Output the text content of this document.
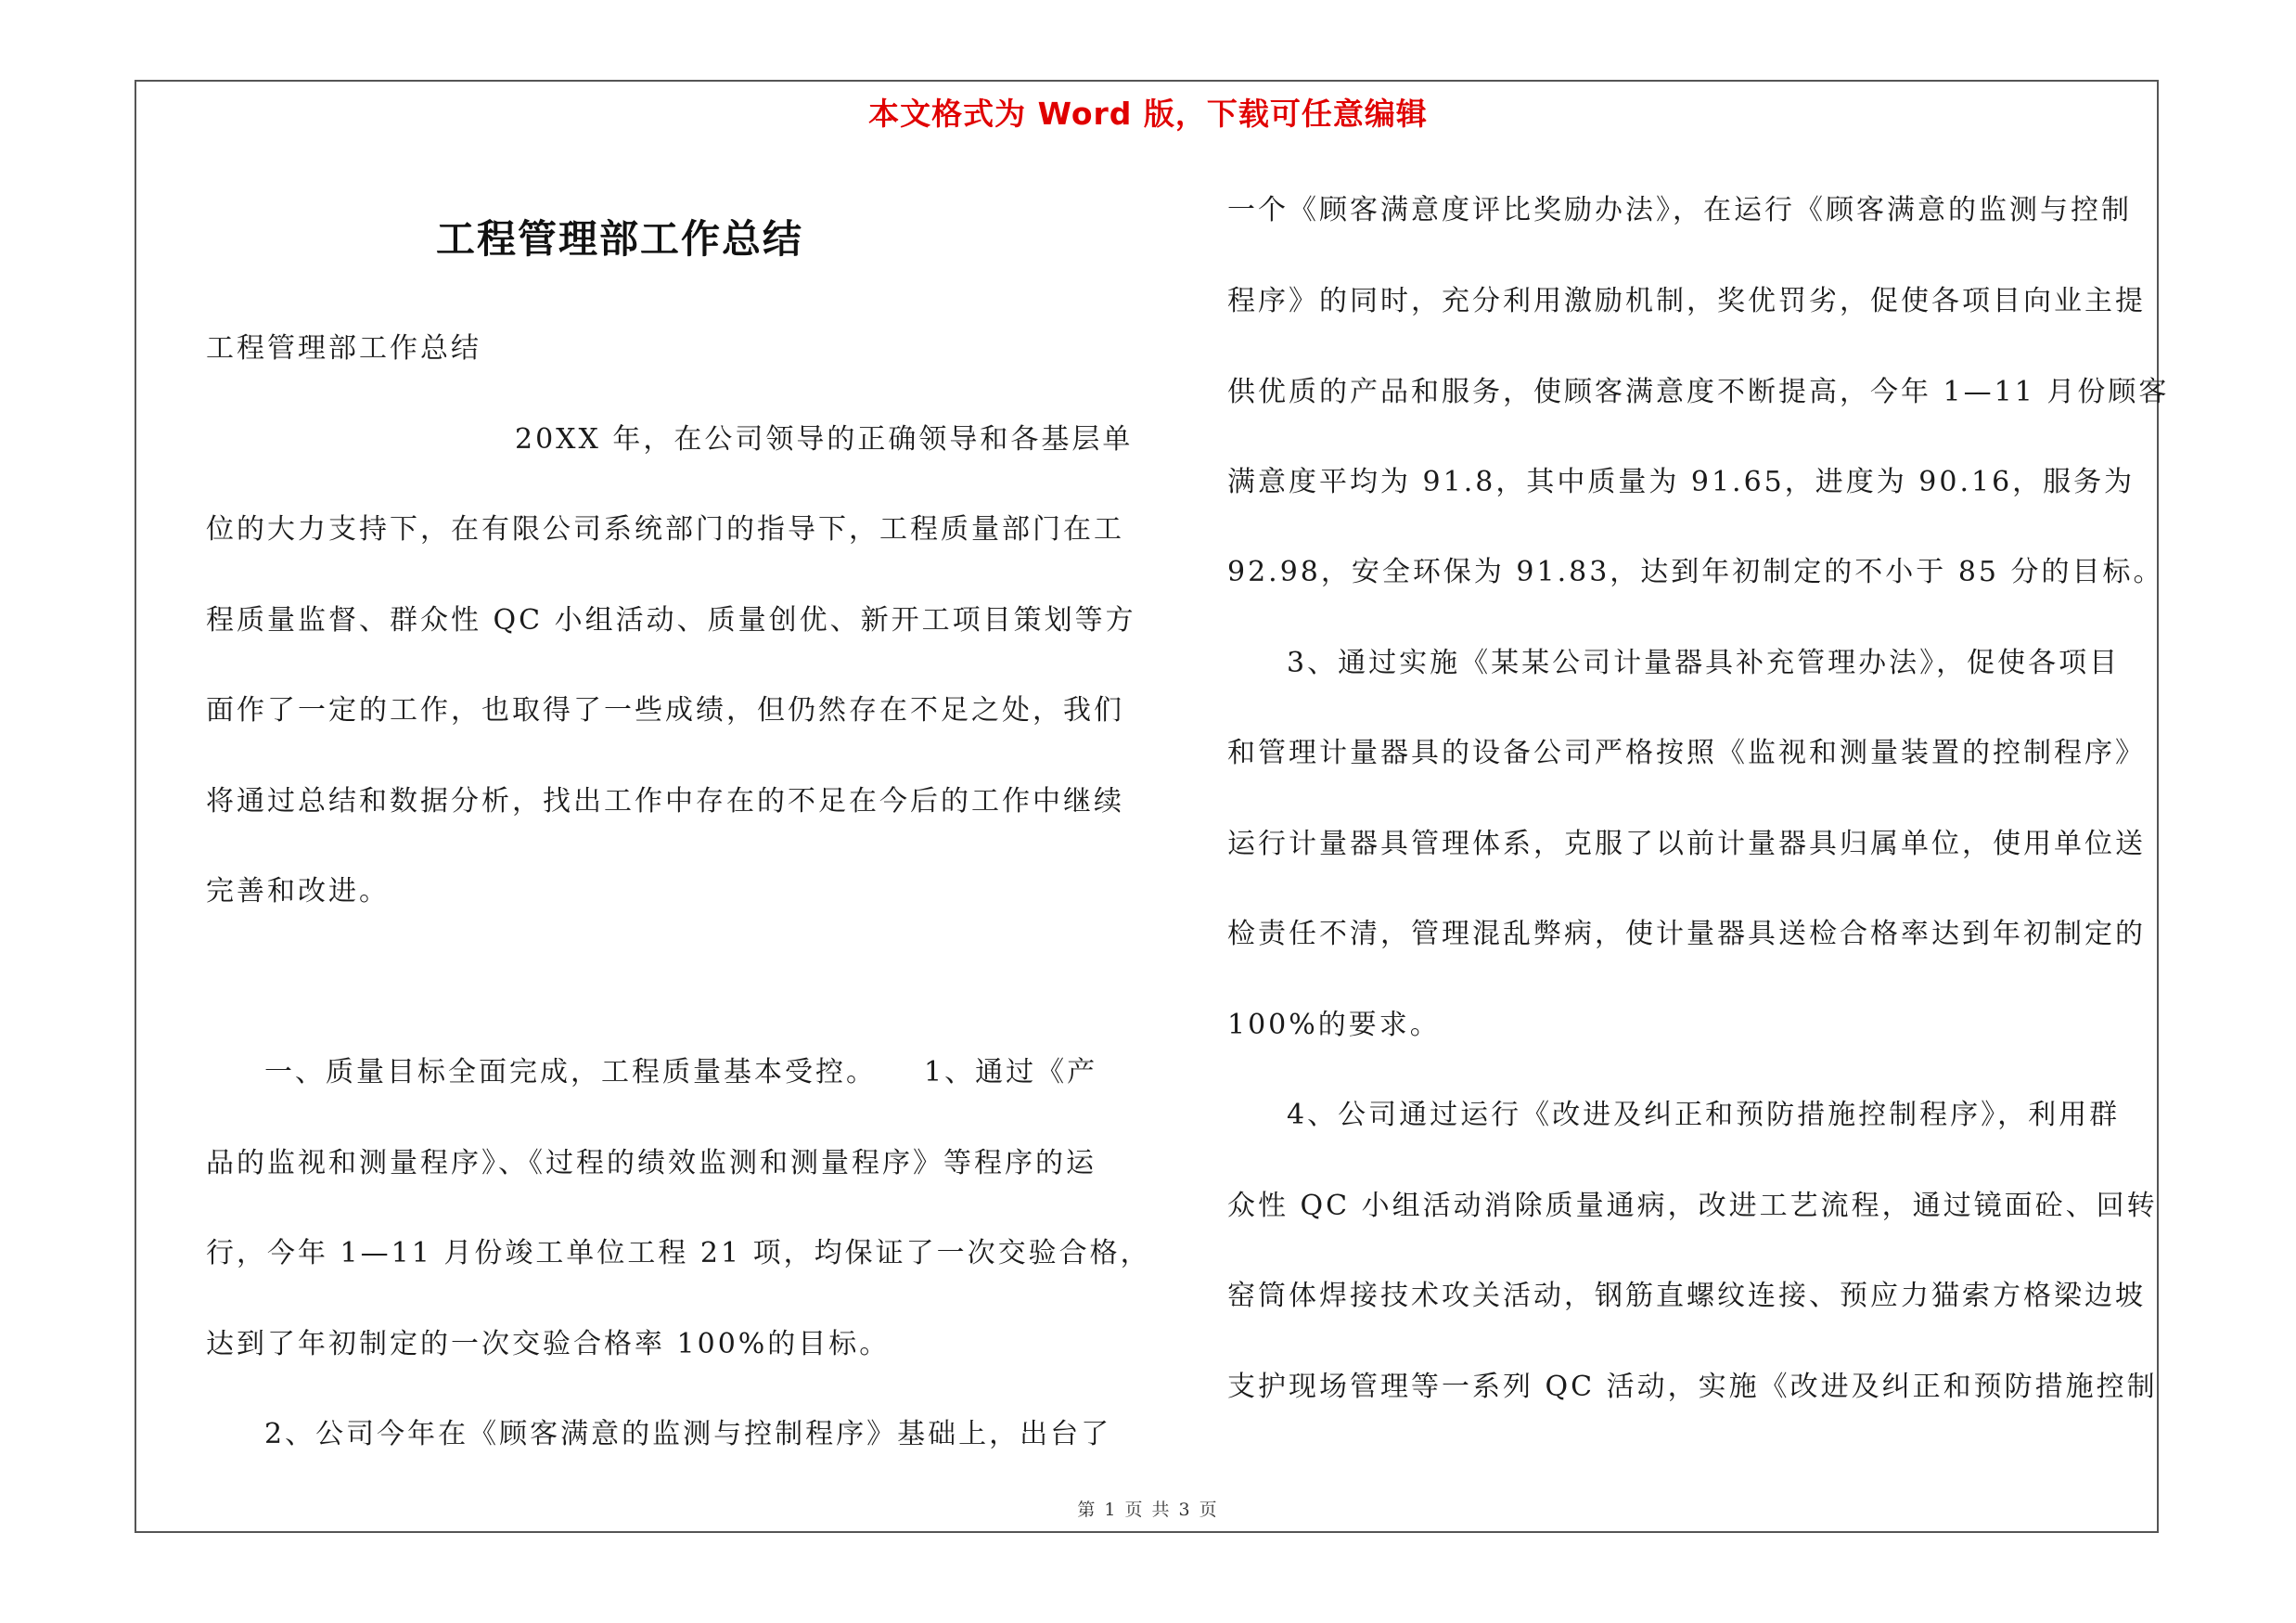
本文格式为 Word 版，下载可任意编辑
工程管理部工作总结
工程管理部工作总结
20XX 年，在公司领导的正确领导和各基层单
位的大力支持下，在有限公司系统部门的指导下，工程质量部门在工
程质量监督、群众性 QC 小组活动、质量创优、新开工项目策划等方
面作了一定的工作，也取得了一些成绩，但仍然存在不足之处，我们
将通过总结和数据分析，找出工作中存在的不足在今后的工作中继续
完善和改进。
一、质量目标全面完成，工程质量基本受控。　　1、通过《产
品的监视和测量程序》、《过程的绩效监测和测量程序》等程序的运
行，今年 1—11 月份竣工单位工程 21 项，均保证了一次交验合格，
达到了年初制定的一次交验合格率 100%的目标。
2、公司今年在《顾客满意的监测与控制程序》基础上，出台了
一个《顾客满意度评比奖励办法》，在运行《顾客满意的监测与控制
程序》的同时，充分利用激励机制，奖优罚劣，促使各项目向业主提
供优质的产品和服务，使顾客满意度不断提高，今年 1—11 月份顾客
满意度平均为 91.8，其中质量为 91.65，进度为 90.16，服务为
92.98，安全环保为 91.83，达到年初制定的不小于 85 分的目标。
3、通过实施《某某公司计量器具补充管理办法》，促使各项目
和管理计量器具的设备公司严格按照《监视和测量装置的控制程序》
运行计量器具管理体系，克服了以前计量器具归属单位，使用单位送
检责任不清，管理混乱弊病，使计量器具送检合格率达到年初制定的
100%的要求。
4、公司通过运行《改进及纠正和预防措施控制程序》，利用群
众性 QC 小组活动消除质量通病，改进工艺流程，通过镜面砼、回转
窑筒体焊接技术攻关活动，钢筋直螺纹连接、预应力猫索方格梁边坡
支护现场管理等一系列 QC 活动，实施《改进及纠正和预防措施控制
第 1 页 共 3 页
